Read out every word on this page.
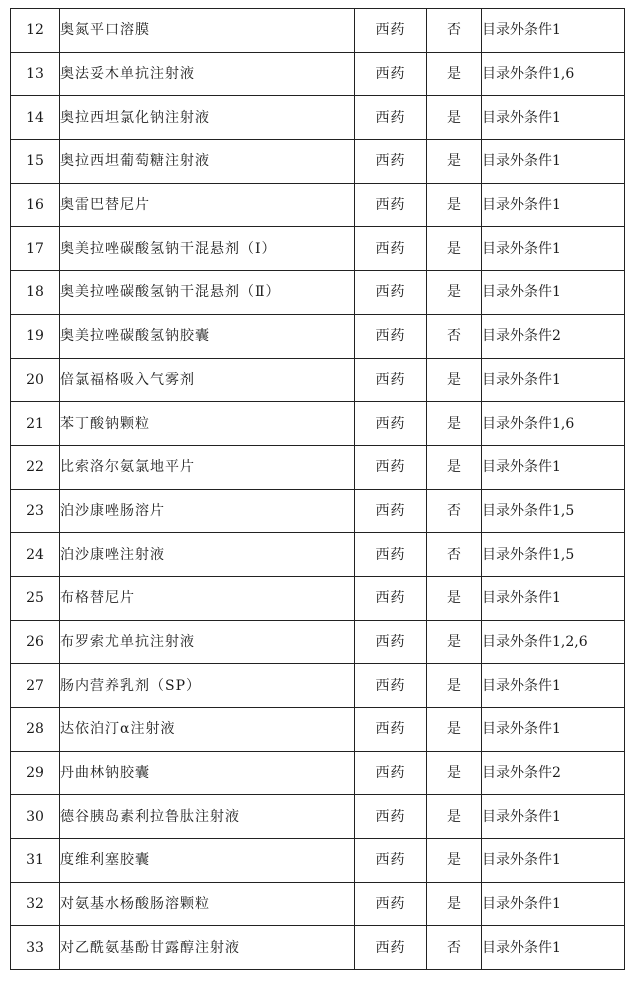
12	奥氮平口溶膜	西药	否	目录外条件1
13	奥法妥木单抗注射液	西药	是	目录外条件1,6
14	奥拉西坦氯化钠注射液	西药	是	目录外条件1
15	奥拉西坦葡萄糖注射液	西药	是	目录外条件1
16	奥雷巴替尼片	西药	是	目录外条件1
17	奥美拉唑碳酸氢钠干混悬剂（Ⅰ）	西药	是	目录外条件1
18	奥美拉唑碳酸氢钠干混悬剂（Ⅱ）	西药	是	目录外条件1
19	奥美拉唑碳酸氢钠胶囊	西药	否	目录外条件2
20	倍氯福格吸入气雾剂	西药	是	目录外条件1
21	苯丁酸钠颗粒	西药	是	目录外条件1,6
22	比索洛尔氨氯地平片	西药	是	目录外条件1
23	泊沙康唑肠溶片	西药	否	目录外条件1,5
24	泊沙康唑注射液	西药	否	目录外条件1,5
25	布格替尼片	西药	是	目录外条件1
26	布罗索尤单抗注射液	西药	是	目录外条件1,2,6
27	肠内营养乳剂（SP）	西药	是	目录外条件1
28	达依泊汀α注射液	西药	是	目录外条件1
29	丹曲林钠胶囊	西药	是	目录外条件2
30	德谷胰岛素利拉鲁肽注射液	西药	是	目录外条件1
31	度维利塞胶囊	西药	是	目录外条件1
32	对氨基水杨酸肠溶颗粒	西药	是	目录外条件1
33	对乙酰氨基酚甘露醇注射液	西药	否	目录外条件1
